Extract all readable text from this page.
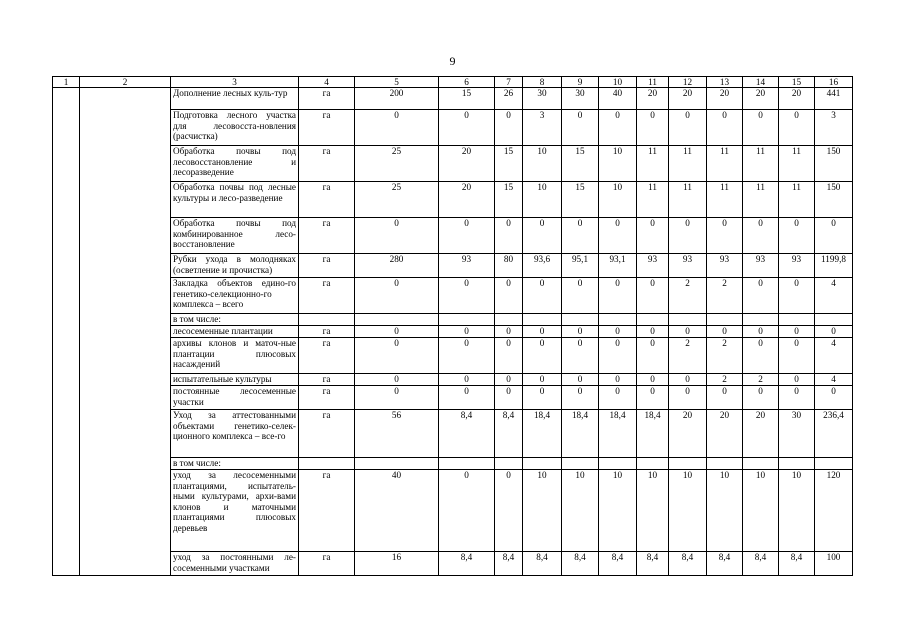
9
1	2	3	4	5	6	7	8	9	10	11	12	13	14	15	16
		Дополнение лесных куль-тур	га	200	15	26	30	30	40	20	20	20	20	20	441
		Подготовка лесного участка для лесовосста-новления (расчистка)	га	0	0	0	3	0	0	0	0	0	0	0	3
		Обработка почвы под лесовосстановление и лесоразведение	га	25	20	15	10	15	10	11	11	11	11	11	150
		Обработка почвы под лесные культуры и лесо-разведение	га	25	20	15	10	15	10	11	11	11	11	11	150
		Обработка почвы под комбинированное лесо-восстановление	га	0	0	0	0	0	0	0	0	0	0	0	0
		Рубки ухода в молодняках (осветление и прочистка)	га	280	93	80	93,6	95,1	93,1	93	93	93	93	93	1199,8
		Закладка объектов едино-го генетико-селекционно-го комплекса – всего	га	0	0	0	0	0	0	0	2	2	0	0	4
		в том числе:													
		лесосеменные плантации	га	0	0	0	0	0	0	0	0	0	0	0	0
		архивы клонов и маточ-ные плантации плюсовых насаждений	га	0	0	0	0	0	0	0	2	2	0	0	4
		испытательные культуры	га	0	0	0	0	0	0	0	0	2	2	0	4
		постоянные лесосеменные участки	га	0	0	0	0	0	0	0	0	0	0	0	0
		Уход за аттестованными объектами генетико-селек-ционного комплекса – все-го	га	56	8,4	8,4	18,4	18,4	18,4	18,4	20	20	20	30	236,4
		в том числе:													
		уход за лесосеменными плантациями, испытатель-ными культурами, архи-вами клонов и маточными плантациями плюсовых деревьев	га	40	0	0	10	10	10	10	10	10	10	10	120
		уход за постоянными ле-сосеменными участками	га	16	8,4	8,4	8,4	8,4	8,4	8,4	8,4	8,4	8,4	8,4	100
